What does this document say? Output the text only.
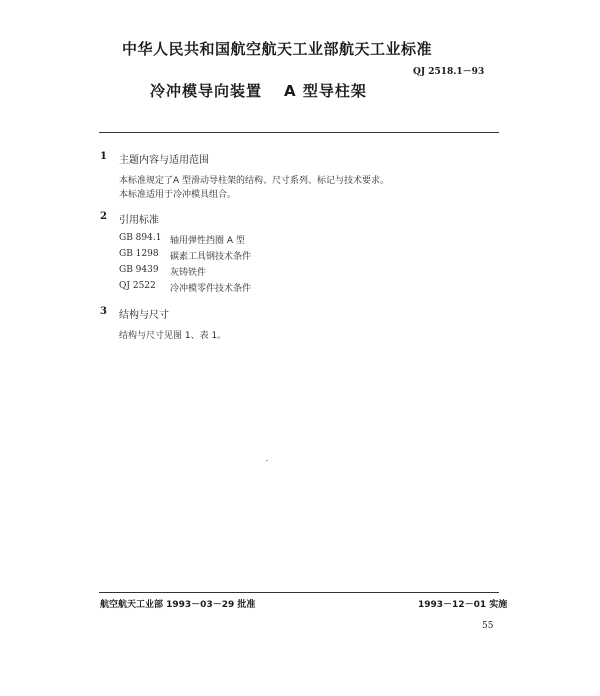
中华人民共和国航空航天工业部航天工业标准
QJ 2518.1－93
冷冲模导向装置 A 型导柱架
1 主题内容与适用范围
本标准规定了A 型滑动导柱架的结构、尺寸系列、标记与技术要求。
本标准适用于冷冲模具组合。
2 引用标准
GB 894.1 轴用弹性挡圈 A 型
GB 1298 碳素工具钢技术条件
GB 9439 灰铸铁件
QJ 2522 冷冲模零件技术条件
3 结构与尺寸
结构与尺寸见图 1、表 1。
航空航天工业部 1993－03－29 批准	1993－12－01 实施
55
